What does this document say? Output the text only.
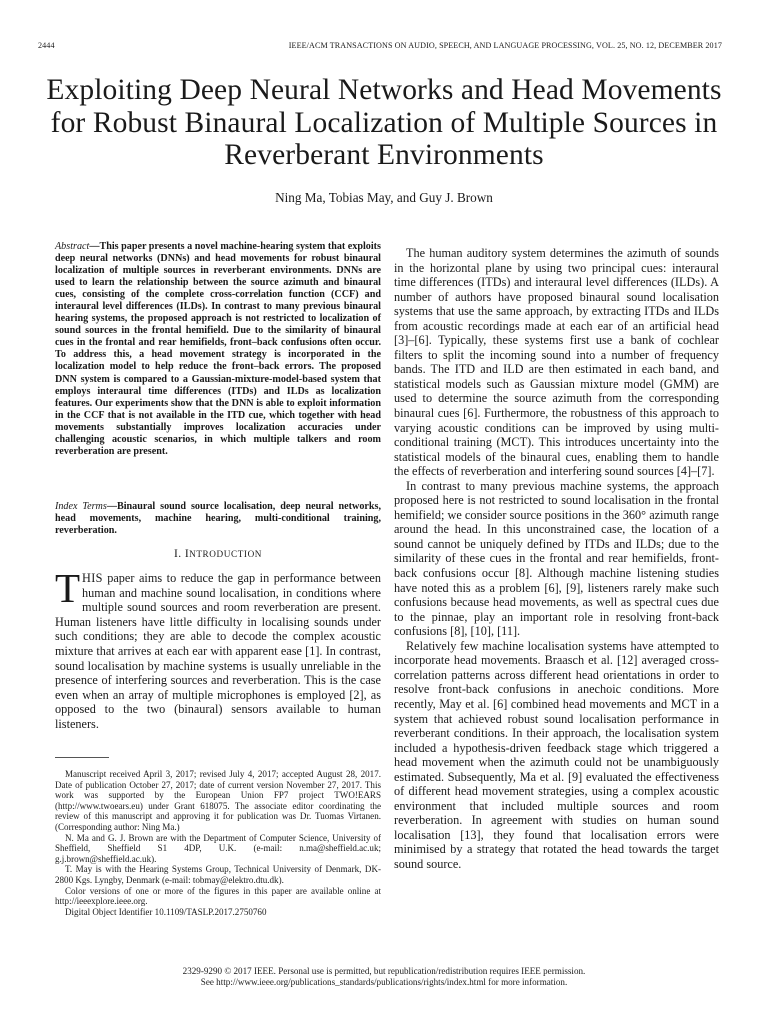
2444	IEEE/ACM TRANSACTIONS ON AUDIO, SPEECH, AND LANGUAGE PROCESSING, VOL. 25, NO. 12, DECEMBER 2017
Exploiting Deep Neural Networks and Head Movements for Robust Binaural Localization of Multiple Sources in Reverberant Environments
Ning Ma, Tobias May, and Guy J. Brown
Abstract—This paper presents a novel machine-hearing system that exploits deep neural networks (DNNs) and head movements for robust binaural localization of multiple sources in reverberant environments. DNNs are used to learn the relationship between the source azimuth and binaural cues, consisting of the complete cross-correlation function (CCF) and interaural level differences (ILDs). In contrast to many previous binaural hearing systems, the proposed approach is not restricted to localization of sound sources in the frontal hemifield. Due to the similarity of binaural cues in the frontal and rear hemifields, front–back confusions often occur. To address this, a head movement strategy is incorporated in the localization model to help reduce the front–back errors. The proposed DNN system is compared to a Gaussian-mixture-model-based system that employs interaural time differences (ITDs) and ILDs as localization features. Our experiments show that the DNN is able to exploit information in the CCF that is not available in the ITD cue, which together with head movements substantially improves localization accuracies under challenging acoustic scenarios, in which multiple talkers and room reverberation are present.
Index Terms—Binaural sound source localisation, deep neural networks, head movements, machine hearing, multi-conditional training, reverberation.
I. INTRODUCTION
THIS paper aims to reduce the gap in performance between human and machine sound localisation, in conditions where multiple sound sources and room reverberation are present. Human listeners have little difficulty in localising sounds under such conditions; they are able to decode the complex acoustic mixture that arrives at each ear with apparent ease [1]. In contrast, sound localisation by machine systems is usually unreliable in the presence of interfering sources and reverberation. This is the case even when an array of multiple microphones is employed [2], as opposed to the two (binaural) sensors available to human listeners.

Manuscript received April 3, 2017; revised July 4, 2017; accepted August 28, 2017. Date of publication October 27, 2017; date of current version November 27, 2017. This work was supported by the European Union FP7 project TWO!EARS (http://www.twoears.eu) under Grant 618075. The associate editor coordinating the review of this manuscript and approving it for publication was Dr. Tuomas Virtanen. (Corresponding author: Ning Ma.)

N. Ma and G. J. Brown are with the Department of Computer Science, University of Sheffield, Sheffield S1 4DP, U.K. (e-mail: n.ma@sheffield.ac.uk; g.j.brown@sheffield.ac.uk).

T. May is with the Hearing Systems Group, Technical University of Denmark, DK-2800 Kgs. Lyngby, Denmark (e-mail: tobmay@elektro.dtu.dk).

Color versions of one or more of the figures in this paper are available online at http://ieeexplore.ieee.org.

Digital Object Identifier 10.1109/TASLP.2017.2750760

The human auditory system determines the azimuth of sounds in the horizontal plane by using two principal cues: interaural time differences (ITDs) and interaural level differences (ILDs). A number of authors have proposed binaural sound localisation systems that use the same approach, by extracting ITDs and ILDs from acoustic recordings made at each ear of an artificial head [3]–[6]. Typically, these systems first use a bank of cochlear filters to split the incoming sound into a number of frequency bands. The ITD and ILD are then estimated in each band, and statistical models such as Gaussian mixture model (GMM) are used to determine the source azimuth from the corresponding binaural cues [6]. Furthermore, the robustness of this approach to varying acoustic conditions can be improved by using multi-conditional training (MCT). This introduces uncertainty into the statistical models of the binaural cues, enabling them to handle the effects of reverberation and interfering sound sources [4]–[7].

In contrast to many previous machine systems, the approach proposed here is not restricted to sound localisation in the frontal hemifield; we consider source positions in the 360° azimuth range around the head. In this unconstrained case, the location of a sound cannot be uniquely defined by ITDs and ILDs; due to the similarity of these cues in the frontal and rear hemifields, front-back confusions occur [8]. Although machine listening studies have noted this as a problem [6], [9], listeners rarely make such confusions because head movements, as well as spectral cues due to the pinnae, play an important role in resolving front-back confusions [8], [10], [11].

Relatively few machine localisation systems have attempted to incorporate head movements. Braasch et al. [12] averaged cross-correlation patterns across different head orientations in order to resolve front-back confusions in anechoic conditions. More recently, May et al. [6] combined head movements and MCT in a system that achieved robust sound localisation performance in reverberant conditions. In their approach, the localisation system included a hypothesis-driven feedback stage which triggered a head movement when the azimuth could not be unambiguously estimated. Subsequently, Ma et al. [9] evaluated the effectiveness of different head movement strategies, using a complex acoustic environment that included multiple sources and room reverberation. In agreement with studies on human sound localisation [13], they found that localisation errors were minimised by a strategy that rotated the head towards the target sound source.

2329-9290 © 2017 IEEE. Personal use is permitted, but republication/redistribution requires IEEE permission.
See http://www.ieee.org/publications_standards/publications/rights/index.html for more information.
